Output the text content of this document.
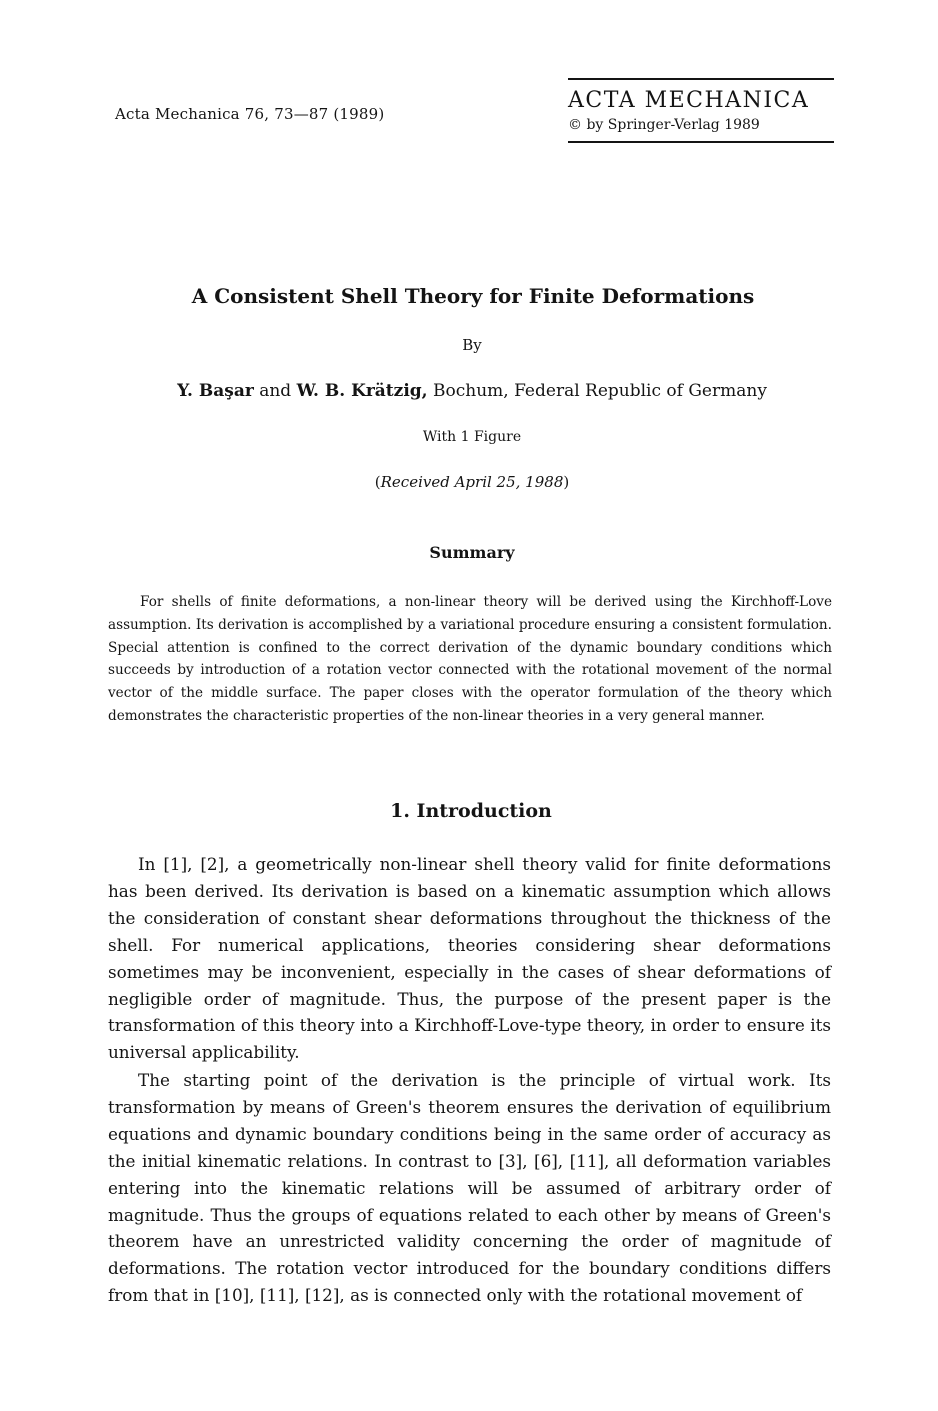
Acta Mechanica 76, 73—87 (1989)
ACTA MECHANICA
© by Springer-Verlag 1989
A Consistent Shell Theory for Finite Deformations
By
Y. Başar and W. B. Krätzig, Bochum, Federal Republic of Germany
With 1 Figure
(Received April 25, 1988)
Summary
For shells of finite deformations, a non-linear theory will be derived using the Kirchhoff-Love assumption. Its derivation is accomplished by a variational procedure ensuring a consistent formulation. Special attention is confined to the correct derivation of the dynamic boundary conditions which succeeds by introduction of a rotation vector connected with the rotational movement of the normal vector of the middle surface. The paper closes with the operator formulation of the theory which demonstrates the characteristic properties of the non-linear theories in a very general manner.
1. Introduction
In [1], [2], a geometrically non-linear shell theory valid for finite deformations has been derived. Its derivation is based on a kinematic assumption which allows the consideration of constant shear deformations throughout the thickness of the shell. For numerical applications, theories considering shear deformations sometimes may be inconvenient, especially in the cases of shear deformations of negligible order of magnitude. Thus, the purpose of the present paper is the transformation of this theory into a Kirchhoff-Love-type theory, in order to ensure its universal applicability.
The starting point of the derivation is the principle of virtual work. Its transformation by means of Green's theorem ensures the derivation of equilibrium equations and dynamic boundary conditions being in the same order of accuracy as the initial kinematic relations. In contrast to [3], [6], [11], all deformation variables entering into the kinematic relations will be assumed of arbitrary order of magnitude. Thus the groups of equations related to each other by means of Green's theorem have an unrestricted validity concerning the order of magnitude of deformations. The rotation vector introduced for the boundary conditions differs from that in [10], [11], [12], as is connected only with the rotational movement of
